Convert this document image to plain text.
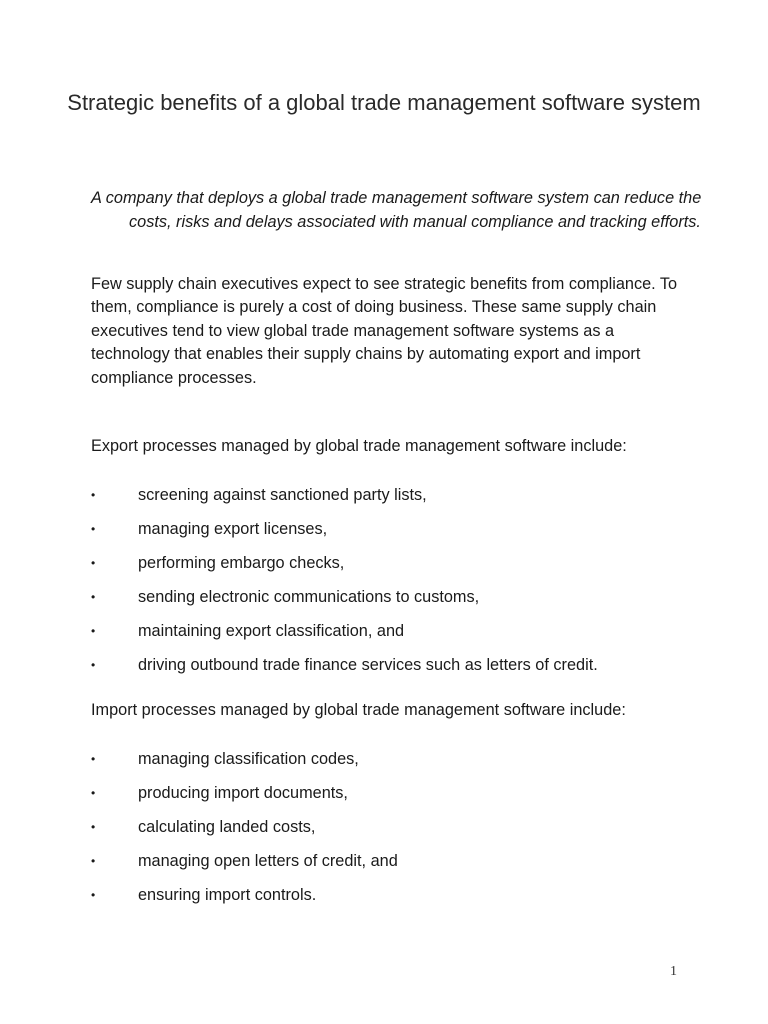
Strategic benefits of a global trade management software system

A company that deploys a global trade management software system can reduce the costs, risks and delays associated with manual compliance and tracking efforts.

Few supply chain executives expect to see strategic benefits from compliance. To them, compliance is purely a cost of doing business. These same supply chain executives tend to view global trade management software systems as a technology that enables their supply chains by automating export and import compliance processes.

Export processes managed by global trade management software include:

•	screening against sanctioned party lists,
•	managing export licenses,
•	performing embargo checks,
•	sending electronic communications to customs,
•	maintaining export classification, and
•	driving outbound trade finance services such as letters of credit.

Import processes managed by global trade management software include:

•	managing classification codes,
•	producing import documents,
•	calculating landed costs,
•	managing open letters of credit, and
•	ensuring import controls.
1
